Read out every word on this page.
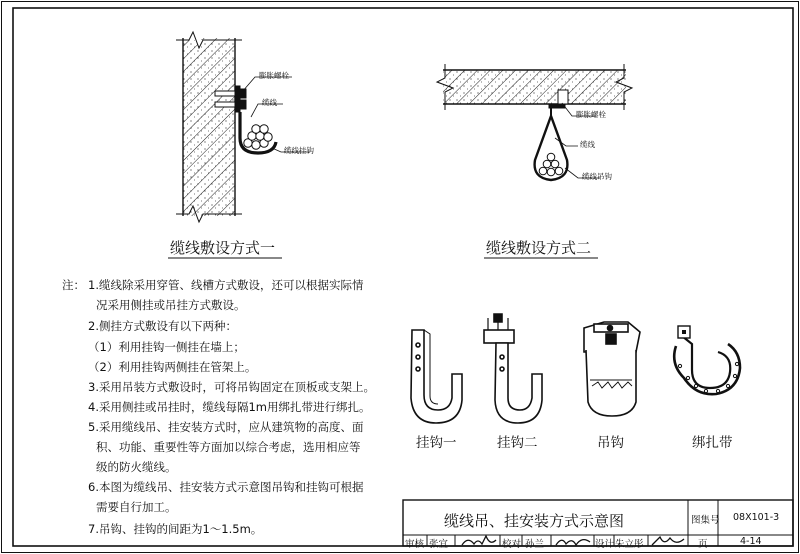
膨胀螺栓
缆线
缆线挂钩
缆线敷设方式一
膨胀螺栓
缆线
缆线吊钩
缆线敷设方式二
注： 1.缆线除采用穿管、线槽方式敷设，还可以根据实际情
况采用侧挂或吊挂方式敷设。
2.侧挂方式敷设有以下两种：
（1）利用挂钩一侧挂在墙上；
（2）利用挂钩两侧挂在管架上。
3.采用吊装方式敷设时，可将吊钩固定在顶板或支架上。
4.采用侧挂或吊挂时，缆线每隔1m用绑扎带进行绑扎。
5.采用缆线吊、挂安装方式时，应从建筑物的高度、面
积、功能、重要性等方面加以综合考虑，选用相应等
级的防火缆线。
6.本图为缆线吊、挂安装方式示意图吊钩和挂钩可根据
需要自行加工。
7.吊钩、挂钩的间距为1～1.5m。
挂钩一	挂钩二	吊钩	绑扎带
缆线吊、挂安装方式示意图	图集号 08X101-3
审核 张宜	校对 孙兰	设计 朱立彤	页	4-14
